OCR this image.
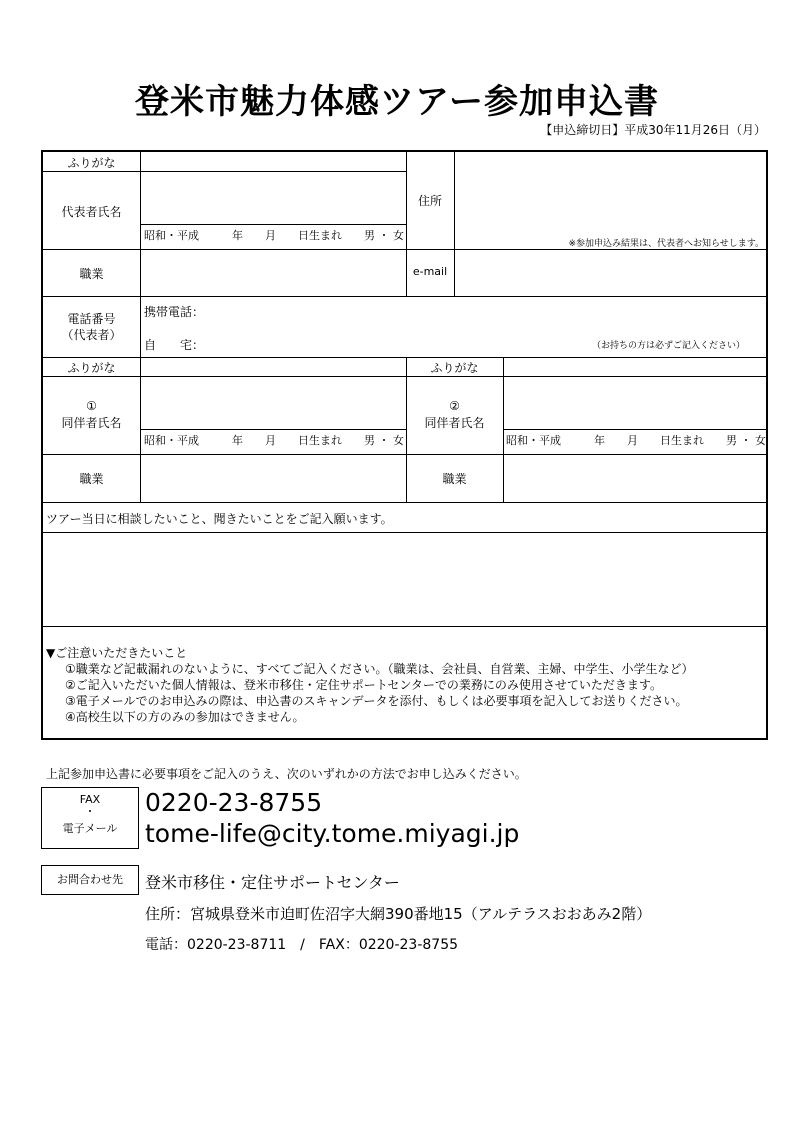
登米市魅力体感ツアー参加申込書
【申込締切日】平成30年11月26日（月）
ふりがな
代表者氏名
昭和・平成　　　年　　月　　日生まれ　　男 ・ 女
住所
※参加申込み結果は、代表者へお知らせします。
職業	e-mail
電話番号
（代表者）
携帯電話：
自　　宅：	（お持ちの方は必ずご記入ください）
ふりがな	ふりがな
①
同伴者氏名
②
同伴者氏名
昭和・平成　　　年　　月　　日生まれ　　男 ・ 女	昭和・平成　　　年　　月　　日生まれ　　男 ・ 女
職業	職業
ツアー当日に相談したいこと、聞きたいことをご記入願います。
▼ご注意いただきたいこと
①職業など記載漏れのないように、すべてご記入ください。（職業は、会社員、自営業、主婦、中学生、小学生など）
②ご記入いただいた個人情報は、登米市移住・定住サポートセンターでの業務にのみ使用させていただきます。
③電子メールでのお申込みの際は、申込書のスキャンデータを添付、もしくは必要事項を記入してお送りください。
④高校生以下の方のみの参加はできません。
上記参加申込書に必要事項をご記入のうえ、次のいずれかの方法でお申し込みください。
FAX
・
電子メール
0220-23-8755
tome-life@city.tome.miyagi.jp
お問合わせ先	登米市移住・定住サポートセンター
住所：宮城県登米市迫町佐沼字大網390番地15（アルテラスおおあみ2階）
電話：0220-23-8711　/　FAX：0220-23-8755
